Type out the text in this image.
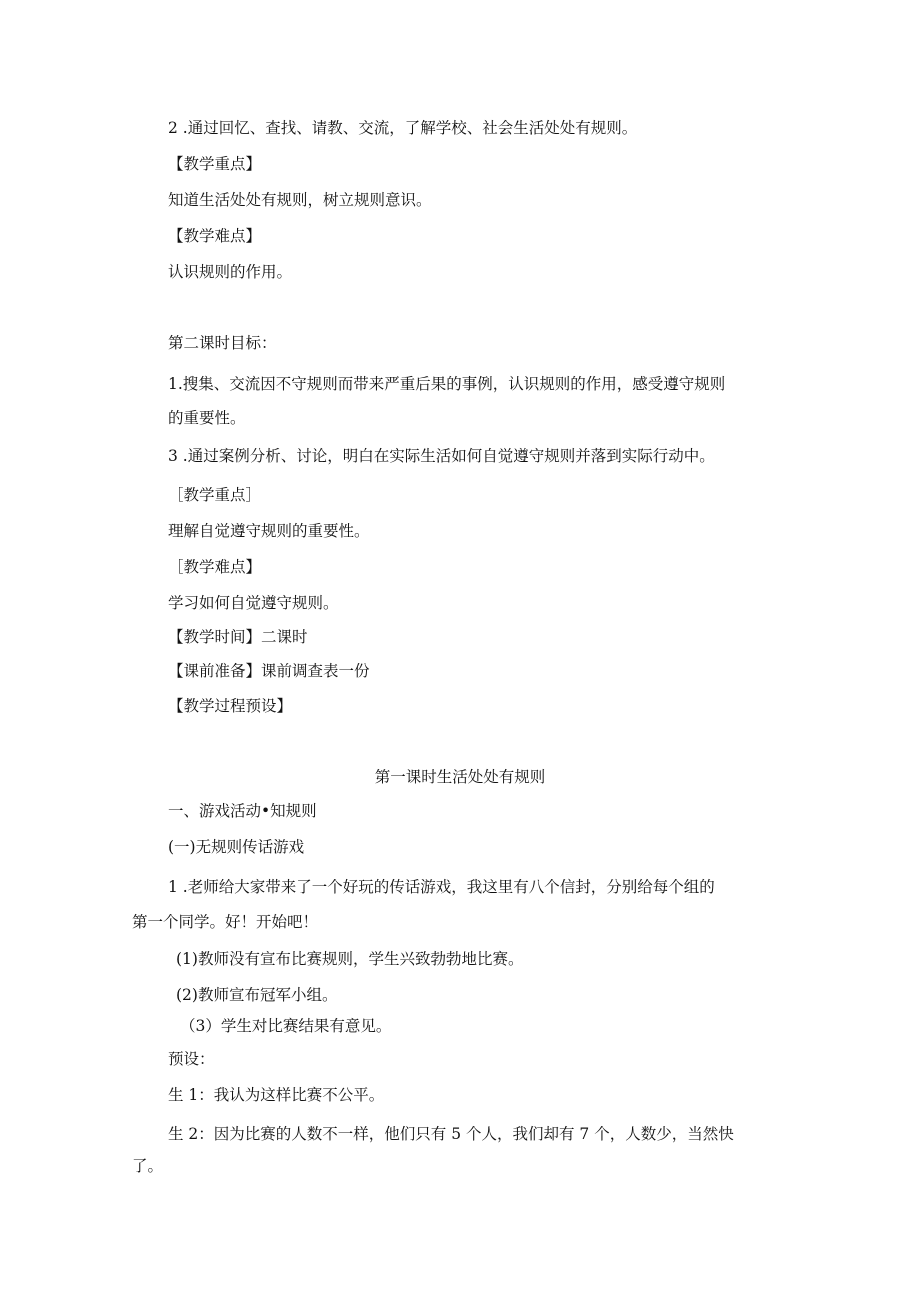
2 .通过回忆、查找、请教、交流，了解学校、社会生活处处有规则。
【教学重点】
知道生活处处有规则，树立规则意识。
【教学难点】
认识规则的作用。
第二课时目标：
1.搜集、交流因不守规则而带来严重后果的事例，认识规则的作用，感受遵守规则
的重要性。
3 .通过案例分析、讨论，明白在实际生活如何自觉遵守规则并落到实际行动中。
［教学重点］
理解自觉遵守规则的重要性。
［教学难点】
学习如何自觉遵守规则。
【教学时间】二课时
【课前准备】课前调查表一份
【教学过程预设】
第一课时生活处处有规则
一、游戏活动•知规则
(一)无规则传话游戏
1 .老师给大家带来了一个好玩的传话游戏，我这里有八个信封，分别给每个组的
第一个同学。好！开始吧！
(1)教师没有宣布比赛规则，学生兴致勃勃地比赛。
(2)教师宣布冠军小组。
（3）学生对比赛结果有意见。
预设：
生 1：我认为这样比赛不公平。
生 2：因为比赛的人数不一样，他们只有 5 个人，我们却有 7 个，人数少，当然快
了。
